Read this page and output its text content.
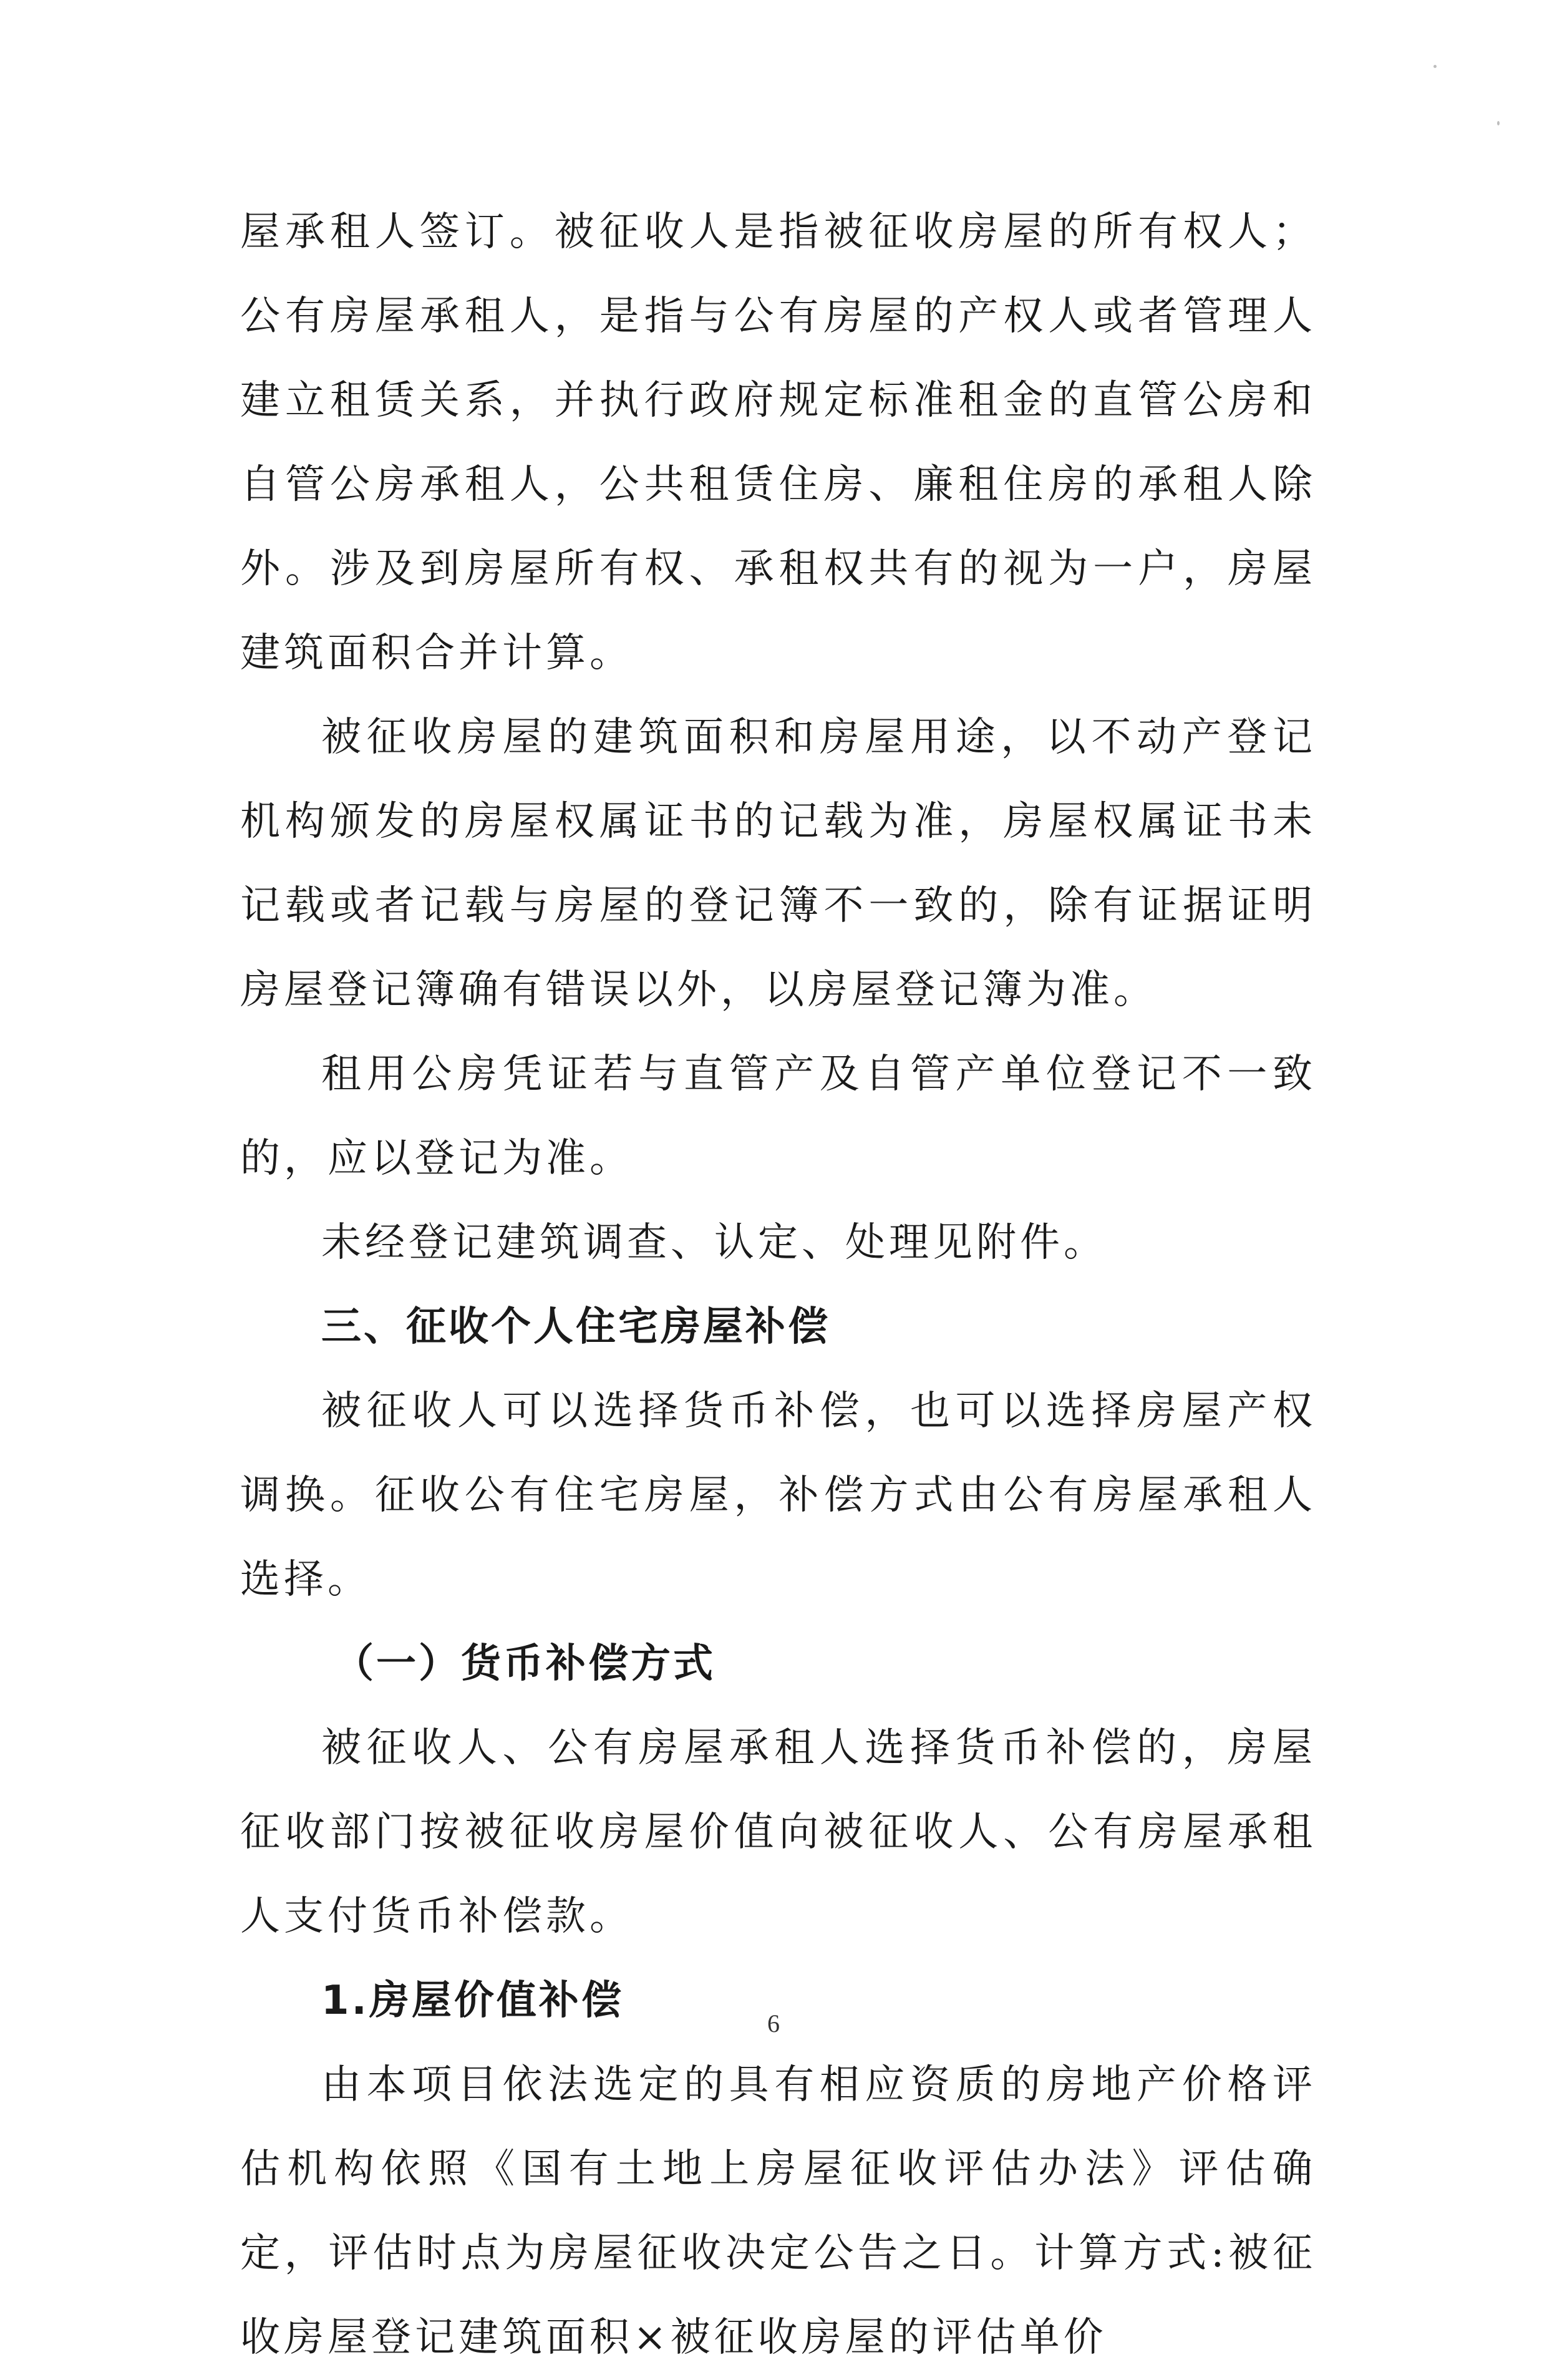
屋承租人签订。被征收人是指被征收房屋的所有权人；公有房屋承租人，是指与公有房屋的产权人或者管理人建立租赁关系，并执行政府规定标准租金的直管公房和自管公房承租人，公共租赁住房、廉租住房的承租人除外。涉及到房屋所有权、承租权共有的视为一户，房屋建筑面积合并计算。

被征收房屋的建筑面积和房屋用途，以不动产登记机构颁发的房屋权属证书的记载为准，房屋权属证书未记载或者记载与房屋的登记簿不一致的，除有证据证明房屋登记簿确有错误以外，以房屋登记簿为准。

租用公房凭证若与直管产及自管产单位登记不一致的，应以登记为准。

未经登记建筑调查、认定、处理见附件。

三、征收个人住宅房屋补偿

被征收人可以选择货币补偿，也可以选择房屋产权调换。征收公有住宅房屋，补偿方式由公有房屋承租人选择。

（一）货币补偿方式

被征收人、公有房屋承租人选择货币补偿的，房屋征收部门按被征收房屋价值向被征收人、公有房屋承租人支付货币补偿款。

1.房屋价值补偿

由本项目依法选定的具有相应资质的房地产价格评估机构依照《国有土地上房屋征收评估办法》评估确定，评估时点为房屋征收决定公告之日。计算方式:被征收房屋登记建筑面积×被征收房屋的评估单价

6
